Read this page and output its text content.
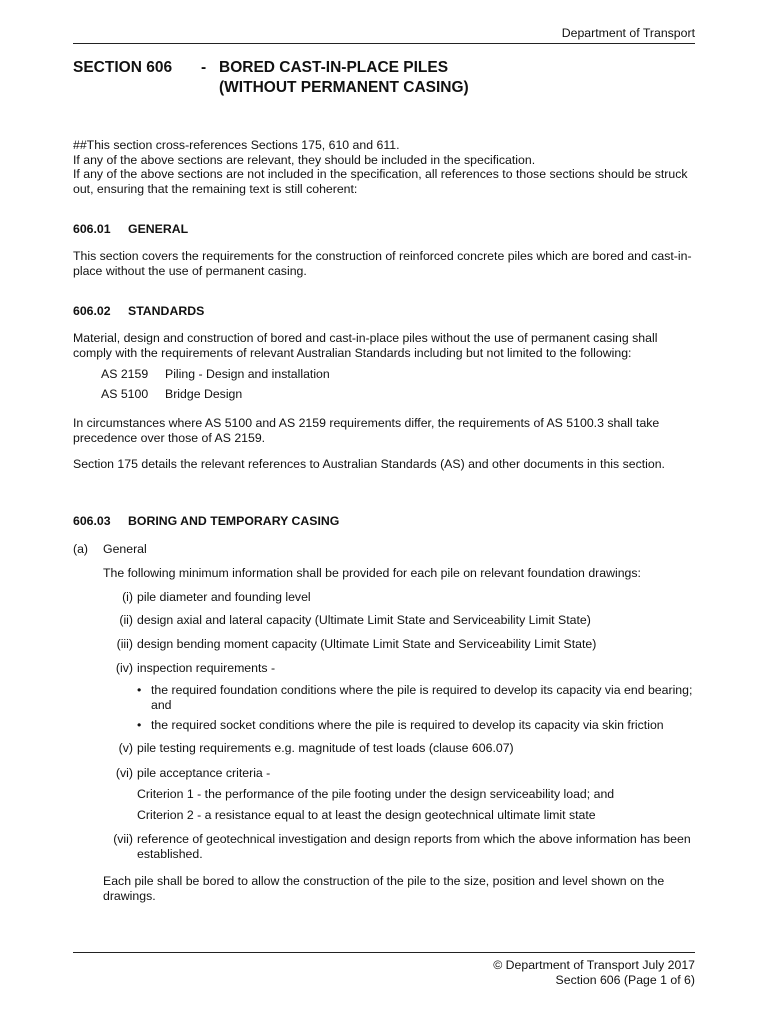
Department of Transport
SECTION 606 - BORED CAST-IN-PLACE PILES
(WITHOUT PERMANENT CASING)
##This section cross-references Sections 175, 610 and 611.
If any of the above sections are relevant, they should be included in the specification.
If any of the above sections are not included in the specification, all references to those sections should be struck out, ensuring that the remaining text is still coherent:
606.01 GENERAL
This section covers the requirements for the construction of reinforced concrete piles which are bored and cast-in-place without the use of permanent casing.
606.02 STANDARDS
Material, design and construction of bored and cast-in-place piles without the use of permanent casing shall comply with the requirements of relevant Australian Standards including but not limited to the following:
AS 2159 Piling - Design and installation
AS 5100 Bridge Design
In circumstances where AS 5100 and AS 2159 requirements differ, the requirements of AS 5100.3 shall take precedence over those of AS 2159.
Section 175 details the relevant references to Australian Standards (AS) and other documents in this section.
606.03 BORING AND TEMPORARY CASING
(a) General
The following minimum information shall be provided for each pile on relevant foundation drawings:
(i) pile diameter and founding level
(ii) design axial and lateral capacity (Ultimate Limit State and Serviceability Limit State)
(iii) design bending moment capacity (Ultimate Limit State and Serviceability Limit State)
(iv) inspection requirements -
• the required foundation conditions where the pile is required to develop its capacity via end bearing; and
• the required socket conditions where the pile is required to develop its capacity via skin friction
(v) pile testing requirements e.g. magnitude of test loads (clause 606.07)
(vi) pile acceptance criteria -
Criterion 1 - the performance of the pile footing under the design serviceability load; and
Criterion 2 - a resistance equal to at least the design geotechnical ultimate limit state
(vii) reference of geotechnical investigation and design reports from which the above information has been established.
Each pile shall be bored to allow the construction of the pile to the size, position and level shown on the drawings.
© Department of Transport July 2017
Section 606 (Page 1 of 6)
